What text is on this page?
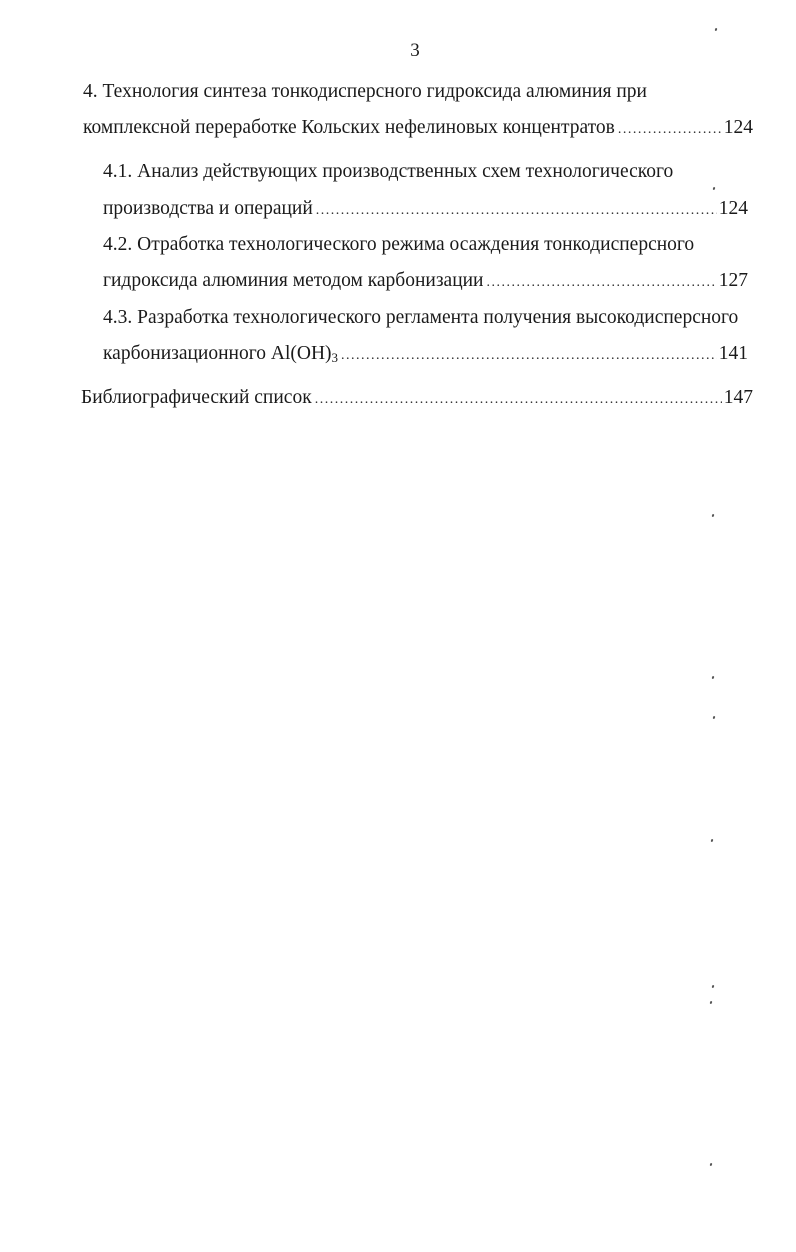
3
4. Технология синтеза тонкодисперсного гидроксида алюминия при
комплексной переработке Кольских нефелиновых концентратов .....	124
4.1. Анализ действующих производственных схем технологического
производства и операций .....	124
4.2. Отработка технологического режима осаждения тонкодисперсного
гидроксида алюминия методом карбонизации .....	127
4.3. Разработка технологического регламента получения высокодисперсного
карбонизационного $Al(OH)_3$ .....	141
Библиографический список .....	147
